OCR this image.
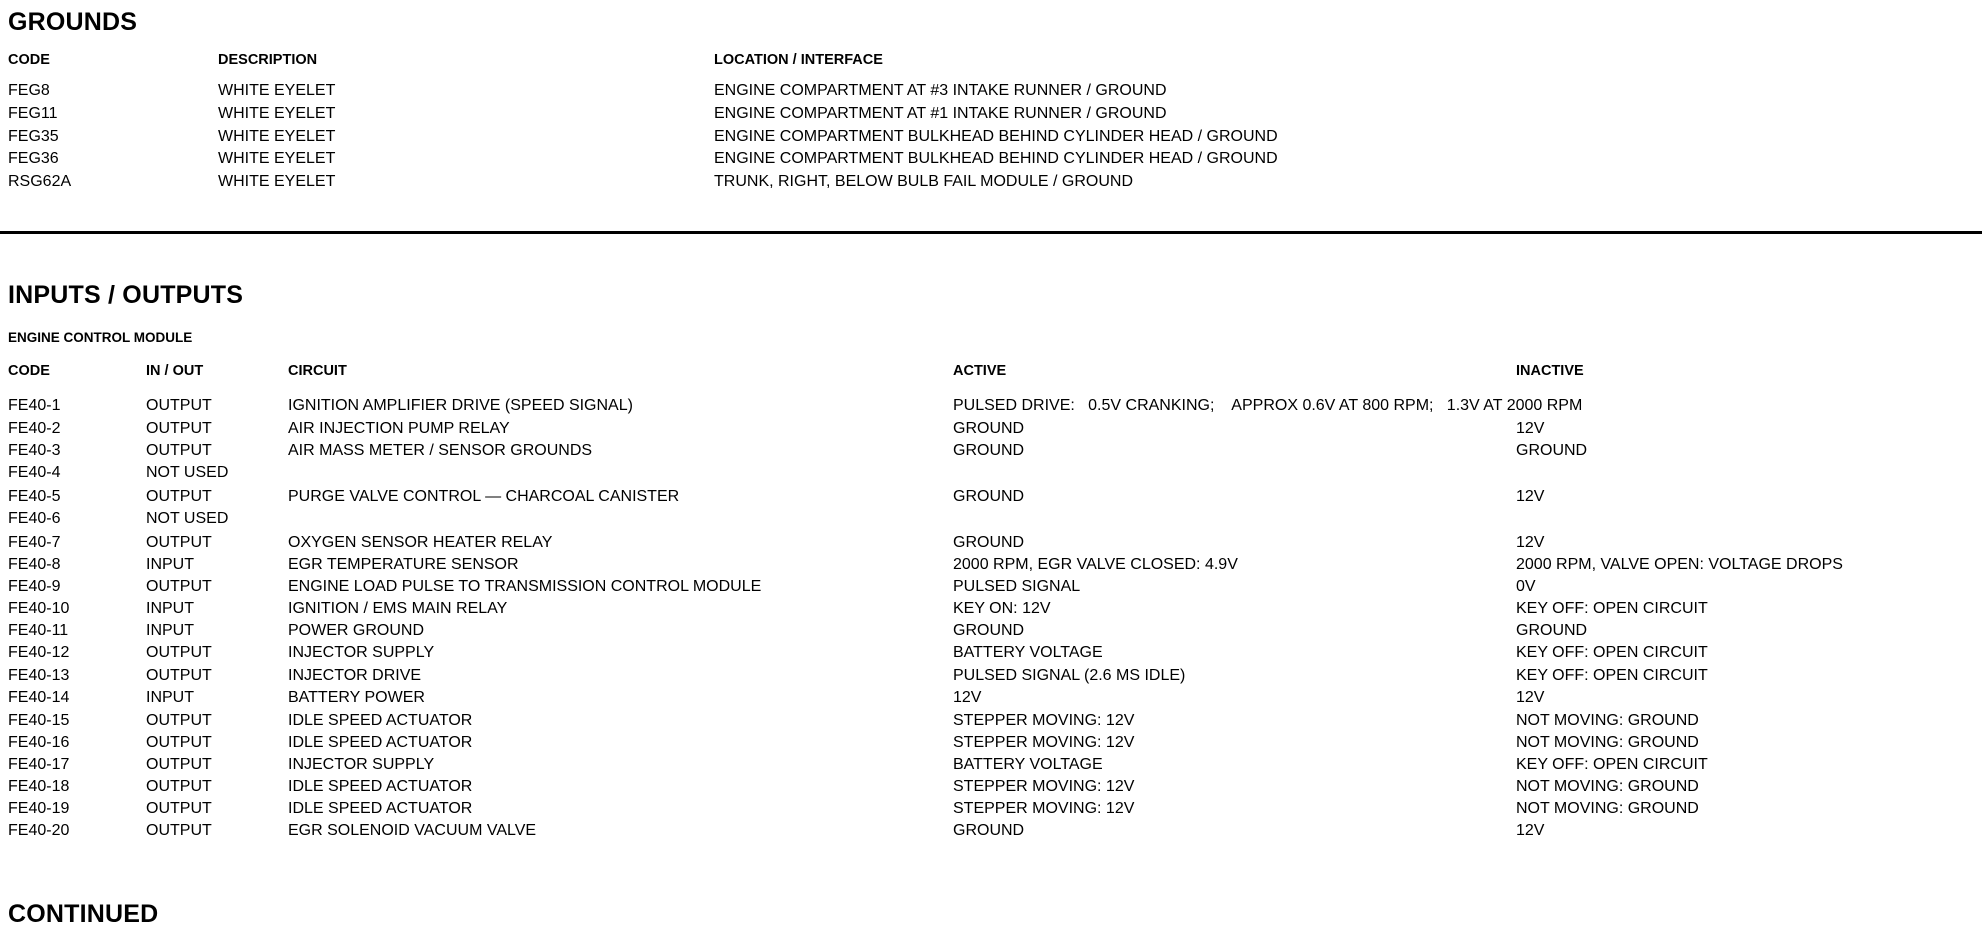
GROUNDS
CODE	DESCRIPTION	LOCATION / INTERFACE
FEG8	WHITE EYELET	ENGINE COMPARTMENT AT #3 INTAKE RUNNER / GROUND
FEG11	WHITE EYELET	ENGINE COMPARTMENT AT #1 INTAKE RUNNER / GROUND
FEG35	WHITE EYELET	ENGINE COMPARTMENT BULKHEAD BEHIND CYLINDER HEAD / GROUND
FEG36	WHITE EYELET	ENGINE COMPARTMENT BULKHEAD BEHIND CYLINDER HEAD / GROUND
RSG62A	WHITE EYELET	TRUNK, RIGHT, BELOW BULB FAIL MODULE / GROUND
INPUTS / OUTPUTS
ENGINE CONTROL MODULE
CODE	IN / OUT	CIRCUIT	ACTIVE	INACTIVE
FE40-1	OUTPUT	IGNITION AMPLIFIER DRIVE (SPEED SIGNAL)	PULSED DRIVE:   0.5V CRANKING;    APPROX 0.6V AT 800 RPM;   1.3V AT 2000 RPM
FE40-2	OUTPUT	AIR INJECTION PUMP RELAY	GROUND	12V
FE40-3	OUTPUT	AIR MASS METER / SENSOR GROUNDS	GROUND	GROUND
FE40-4	NOT USED
FE40-5	OUTPUT	PURGE VALVE CONTROL — CHARCOAL CANISTER	GROUND	12V
FE40-6	NOT USED
FE40-7	OUTPUT	OXYGEN SENSOR HEATER RELAY	GROUND	12V
FE40-8	INPUT	EGR TEMPERATURE SENSOR	2000 RPM, EGR VALVE CLOSED: 4.9V	2000 RPM, VALVE OPEN: VOLTAGE DROPS
FE40-9	OUTPUT	ENGINE LOAD PULSE TO TRANSMISSION CONTROL MODULE	PULSED SIGNAL	0V
FE40-10	INPUT	IGNITION / EMS MAIN RELAY	KEY ON: 12V	KEY OFF: OPEN CIRCUIT
FE40-11	INPUT	POWER GROUND	GROUND	GROUND
FE40-12	OUTPUT	INJECTOR SUPPLY	BATTERY VOLTAGE	KEY OFF: OPEN CIRCUIT
FE40-13	OUTPUT	INJECTOR DRIVE	PULSED SIGNAL (2.6 MS IDLE)	KEY OFF: OPEN CIRCUIT
FE40-14	INPUT	BATTERY POWER	12V	12V
FE40-15	OUTPUT	IDLE SPEED ACTUATOR	STEPPER MOVING: 12V	NOT MOVING: GROUND
FE40-16	OUTPUT	IDLE SPEED ACTUATOR	STEPPER MOVING: 12V	NOT MOVING: GROUND
FE40-17	OUTPUT	INJECTOR SUPPLY	BATTERY VOLTAGE	KEY OFF: OPEN CIRCUIT
FE40-18	OUTPUT	IDLE SPEED ACTUATOR	STEPPER MOVING: 12V	NOT MOVING: GROUND
FE40-19	OUTPUT	IDLE SPEED ACTUATOR	STEPPER MOVING: 12V	NOT MOVING: GROUND
FE40-20	OUTPUT	EGR SOLENOID VACUUM VALVE	GROUND	12V
CONTINUED
